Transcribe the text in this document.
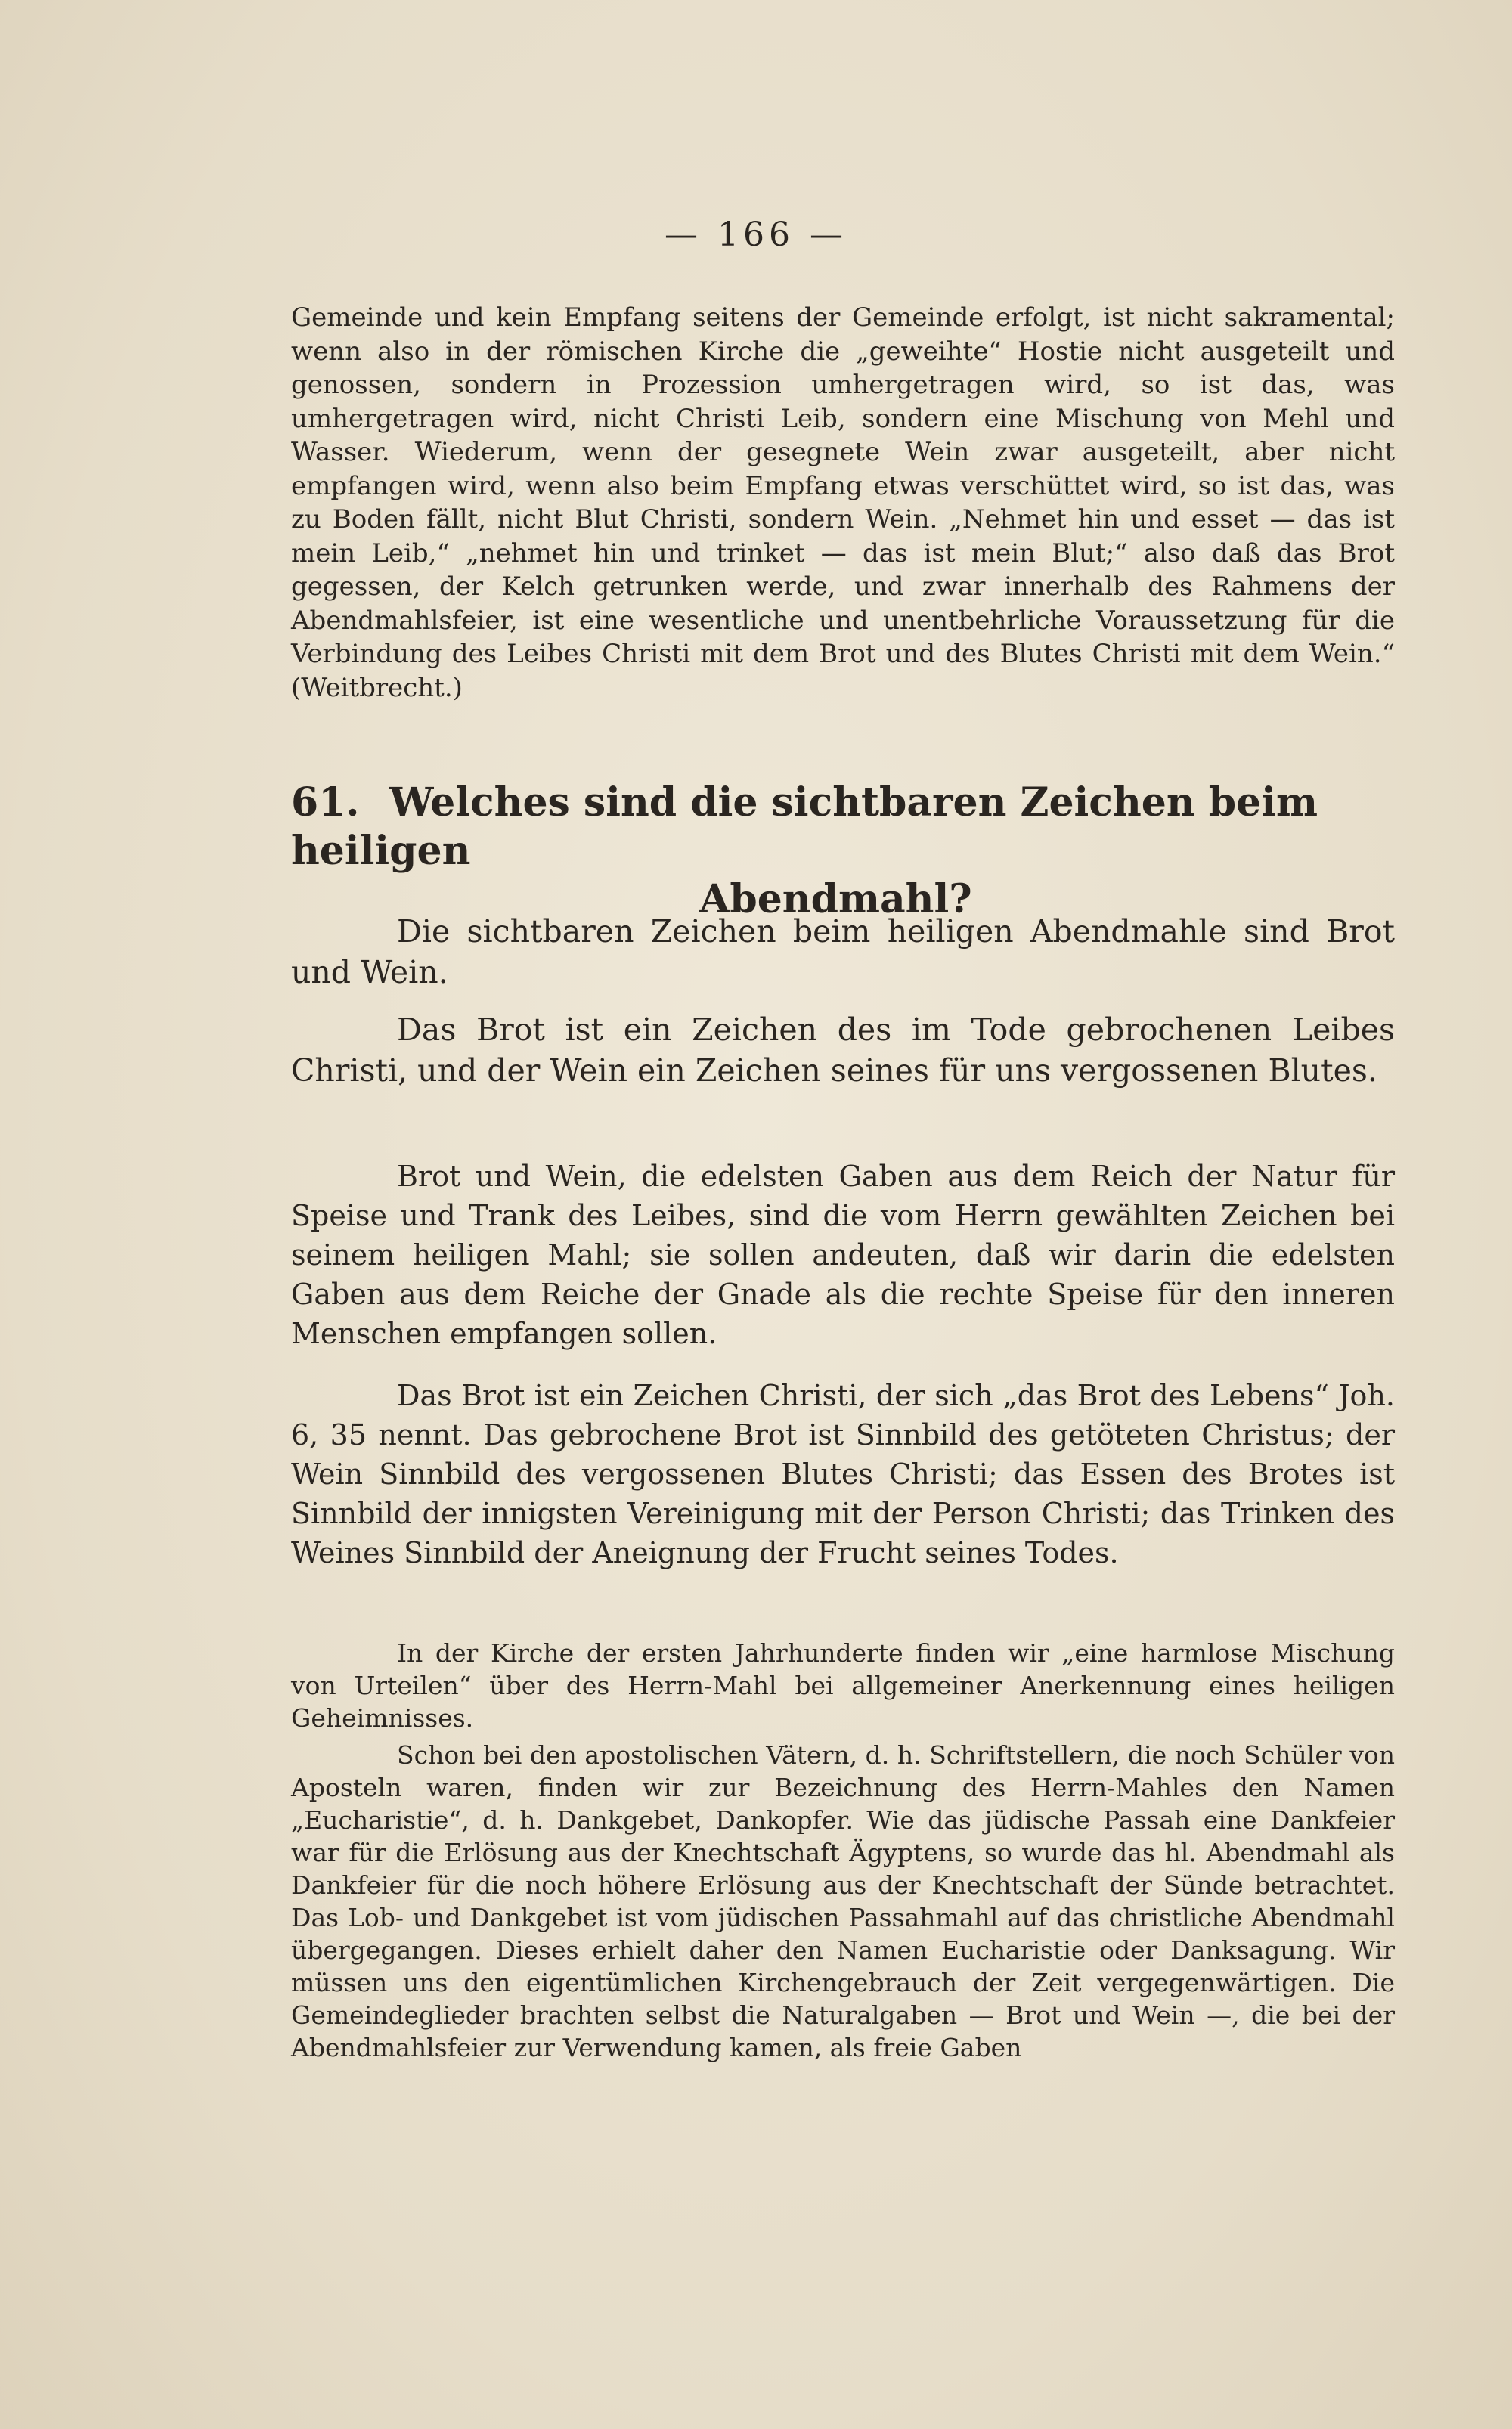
— 166 —
Gemeinde und kein Empfang seitens der Gemeinde erfolgt, ist nicht sakramental; wenn also in der römischen Kirche die „geweihte“ Hostie nicht ausgeteilt und genossen, sondern in Prozession umhergetragen wird, so ist das, was umhergetragen wird, nicht Christi Leib, sondern eine Mischung von Mehl und Wasser. Wiederum, wenn der gesegnete Wein zwar ausgeteilt, aber nicht empfangen wird, wenn also beim Empfang etwas verschüttet wird, so ist das, was zu Boden fällt, nicht Blut Christi, sondern Wein. „Nehmet hin und esset — das ist mein Leib,“ „nehmet hin und trinket — das ist mein Blut;“ also daß das Brot gegessen, der Kelch getrunken werde, und zwar innerhalb des Rahmens der Abendmahlsfeier, ist eine wesentliche und unentbehrliche Voraussetzung für die Verbindung des Leibes Christi mit dem Brot und des Blutes Christi mit dem Wein.“ (Weitbrecht.)
61. Welches sind die sichtbaren Zeichen beim heiligen
Abendmahl?
Die sichtbaren Zeichen beim heiligen Abendmahle sind Brot und Wein.
Das Brot ist ein Zeichen des im Tode gebrochenen Leibes Christi, und der Wein ein Zeichen seines für uns vergossenen Blutes.
Brot und Wein, die edelsten Gaben aus dem Reich der Natur für Speise und Trank des Leibes, sind die vom Herrn gewählten Zeichen bei seinem heiligen Mahl; sie sollen andeuten, daß wir darin die edelsten Gaben aus dem Reiche der Gnade als die rechte Speise für den inneren Menschen empfangen sollen.
Das Brot ist ein Zeichen Christi, der sich „das Brot des Lebens“ Joh. 6, 35 nennt. Das gebrochene Brot ist Sinnbild des getöteten Christus; der Wein Sinnbild des vergossenen Blutes Christi; das Essen des Brotes ist Sinnbild der innigsten Vereinigung mit der Person Christi; das Trinken des Weines Sinnbild der Aneignung der Frucht seines Todes.
In der Kirche der ersten Jahrhunderte finden wir „eine harmlose Mischung von Urteilen“ über des Herrn-Mahl bei allgemeiner Anerkennung eines heiligen Geheimnisses.
Schon bei den apostolischen Vätern, d. h. Schriftstellern, die noch Schüler von Aposteln waren, finden wir zur Bezeichnung des Herrn-Mahles den Namen „Eucharistie“, d. h. Dankgebet, Dankopfer. Wie das jüdische Passah eine Dankfeier war für die Erlösung aus der Knechtschaft Ägyptens, so wurde das hl. Abendmahl als Dankfeier für die noch höhere Erlösung aus der Knechtschaft der Sünde betrachtet. Das Lob- und Dankgebet ist vom jüdischen Passahmahl auf das christliche Abendmahl übergegangen. Dieses erhielt daher den Namen Eucharistie oder Danksagung. Wir müssen uns den eigentümlichen Kirchengebrauch der Zeit vergegenwärtigen. Die Gemeindeglieder brachten selbst die Naturalgaben — Brot und Wein —, die bei der Abendmahlsfeier zur Verwendung kamen, als freie Gaben
